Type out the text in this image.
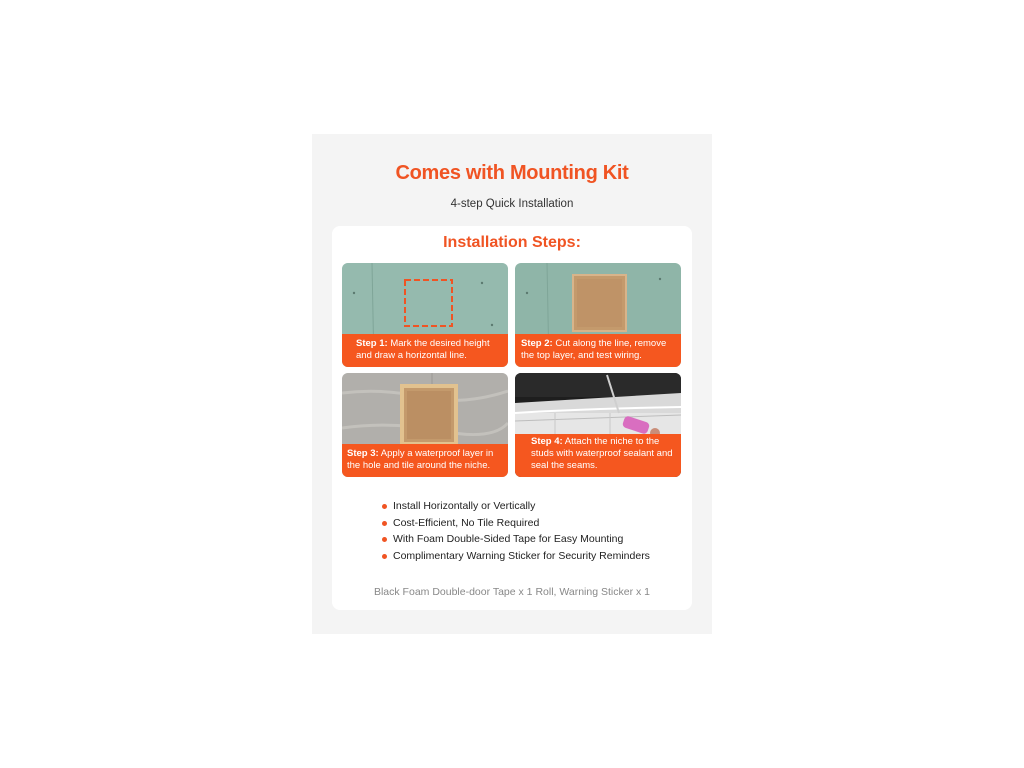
Comes with Mounting Kit
4-step Quick Installation
Installation Steps:
Step 1: Mark the desired height and draw a horizontal line.
Step 2: Cut along the line, remove the top layer, and test wiring.
Step 3: Apply a waterproof layer in the hole and tile around the niche.
Step 4: Attach the niche to the studs with waterproof sealant and seal the seams.
Install Horizontally or Vertically
Cost-Efficient, No Tile Required
With Foam Double-Sided Tape for Easy Mounting
Complimentary Warning Sticker for Security Reminders
Black Foam Double-door Tape x 1 Roll, Warning Sticker x 1
